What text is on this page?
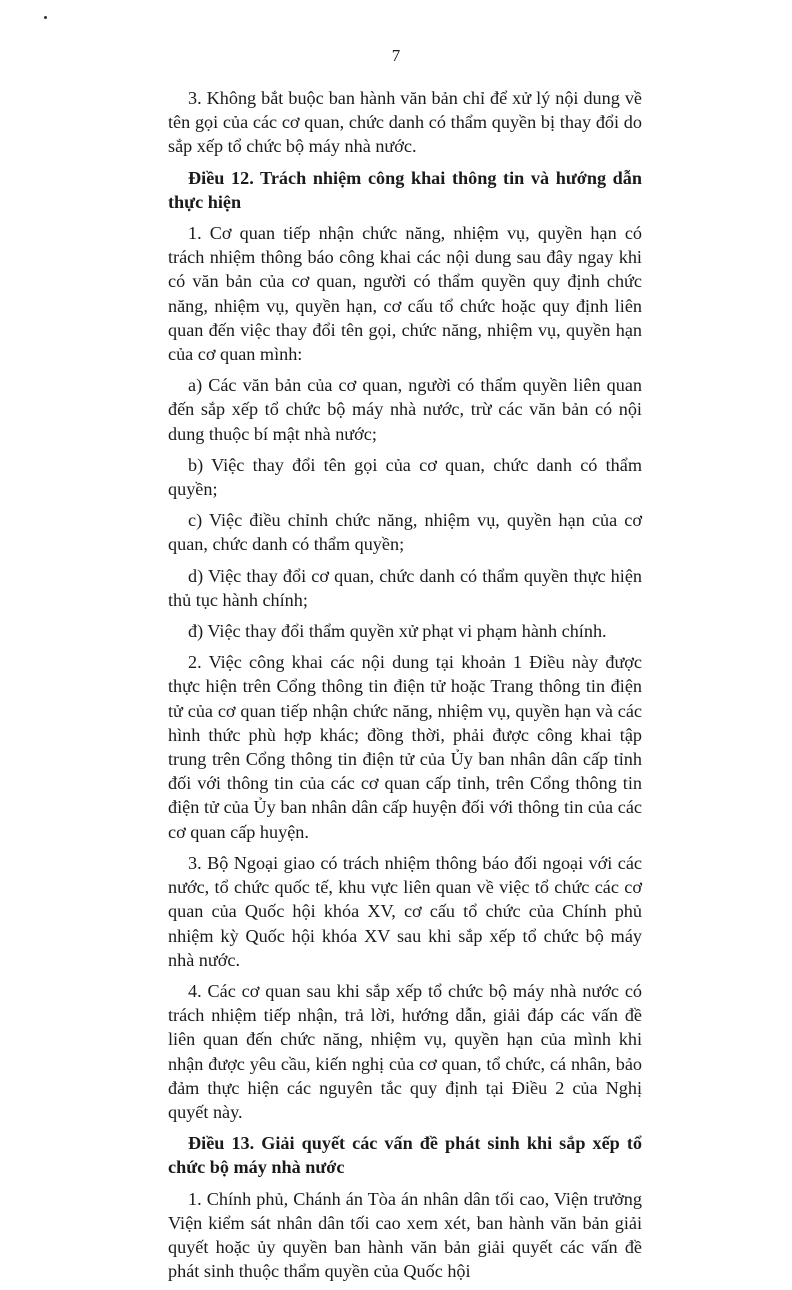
7

3. Không bắt buộc ban hành văn bản chỉ để xử lý nội dung về tên gọi của các cơ quan, chức danh có thẩm quyền bị thay đổi do sắp xếp tổ chức bộ máy nhà nước.

Điều 12. Trách nhiệm công khai thông tin và hướng dẫn thực hiện

1. Cơ quan tiếp nhận chức năng, nhiệm vụ, quyền hạn có trách nhiệm thông báo công khai các nội dung sau đây ngay khi có văn bản của cơ quan, người có thẩm quyền quy định chức năng, nhiệm vụ, quyền hạn, cơ cấu tổ chức hoặc quy định liên quan đến việc thay đổi tên gọi, chức năng, nhiệm vụ, quyền hạn của cơ quan mình:

a) Các văn bản của cơ quan, người có thẩm quyền liên quan đến sắp xếp tổ chức bộ máy nhà nước, trừ các văn bản có nội dung thuộc bí mật nhà nước;

b) Việc thay đổi tên gọi của cơ quan, chức danh có thẩm quyền;

c) Việc điều chỉnh chức năng, nhiệm vụ, quyền hạn của cơ quan, chức danh có thẩm quyền;

d) Việc thay đổi cơ quan, chức danh có thẩm quyền thực hiện thủ tục hành chính;

đ) Việc thay đổi thẩm quyền xử phạt vi phạm hành chính.

2. Việc công khai các nội dung tại khoản 1 Điều này được thực hiện trên Cổng thông tin điện tử hoặc Trang thông tin điện tử của cơ quan tiếp nhận chức năng, nhiệm vụ, quyền hạn và các hình thức phù hợp khác; đồng thời, phải được công khai tập trung trên Cổng thông tin điện tử của Ủy ban nhân dân cấp tỉnh đối với thông tin của các cơ quan cấp tỉnh, trên Cổng thông tin điện tử của Ủy ban nhân dân cấp huyện đối với thông tin của các cơ quan cấp huyện.

3. Bộ Ngoại giao có trách nhiệm thông báo đối ngoại với các nước, tổ chức quốc tế, khu vực liên quan về việc tổ chức các cơ quan của Quốc hội khóa XV, cơ cấu tổ chức của Chính phủ nhiệm kỳ Quốc hội khóa XV sau khi sắp xếp tổ chức bộ máy nhà nước.

4. Các cơ quan sau khi sắp xếp tổ chức bộ máy nhà nước có trách nhiệm tiếp nhận, trả lời, hướng dẫn, giải đáp các vấn đề liên quan đến chức năng, nhiệm vụ, quyền hạn của mình khi nhận được yêu cầu, kiến nghị của cơ quan, tổ chức, cá nhân, bảo đảm thực hiện các nguyên tắc quy định tại Điều 2 của Nghị quyết này.

Điều 13. Giải quyết các vấn đề phát sinh khi sắp xếp tổ chức bộ máy nhà nước

1. Chính phủ, Chánh án Tòa án nhân dân tối cao, Viện trưởng Viện kiểm sát nhân dân tối cao xem xét, ban hành văn bản giải quyết hoặc ủy quyền ban hành văn bản giải quyết các vấn đề phát sinh thuộc thẩm quyền của Quốc hội
